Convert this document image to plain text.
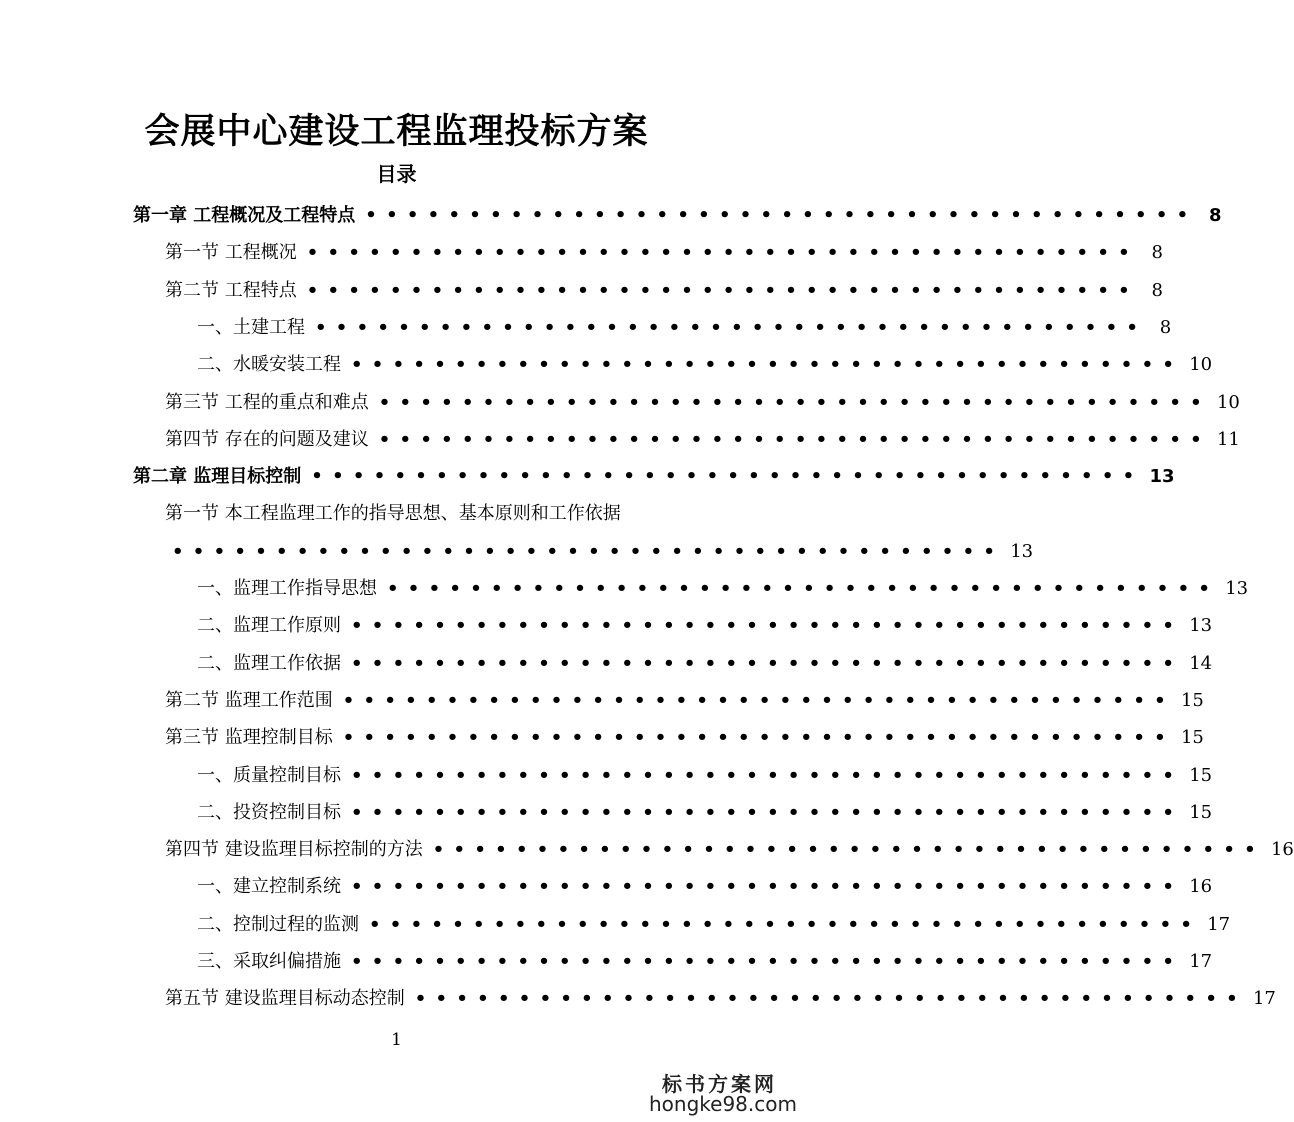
会展中心建设工程监理投标方案
目录
第一章 工程概况及工程特点 •••••••••••••••••••••••••••••••••••••••• 8
第一节 工程概况 •••••••••••••••••••••••••••••••••••••••• 8
第二节 工程特点 •••••••••••••••••••••••••••••••••••••••• 8
一、土建工程 •••••••••••••••••••••••••••••••••••••••• 8
二、水暖安装工程 •••••••••••••••••••••••••••••••••••••••• 10
第三节 工程的重点和难点 •••••••••••••••••••••••••••••••••••••••• 10
第四节 存在的问题及建议 •••••••••••••••••••••••••••••••••••••••• 11
第二章 监理目标控制 •••••••••••••••••••••••••••••••••••••••• 13
第一节 本工程监理工作的指导思想、基本原则和工作依据
•••••••••••••••••••••••••••••••••••••••• 13
一、监理工作指导思想 •••••••••••••••••••••••••••••••••••••••• 13
二、监理工作原则 •••••••••••••••••••••••••••••••••••••••• 13
二、监理工作依据 •••••••••••••••••••••••••••••••••••••••• 14
第二节 监理工作范围 •••••••••••••••••••••••••••••••••••••••• 15
第三节 监理控制目标 •••••••••••••••••••••••••••••••••••••••• 15
一、质量控制目标 •••••••••••••••••••••••••••••••••••••••• 15
二、投资控制目标 •••••••••••••••••••••••••••••••••••••••• 15
第四节 建设监理目标控制的方法 •••••••••••••••••••••••••••••••••••••••• 16
一、建立控制系统 •••••••••••••••••••••••••••••••••••••••• 16
二、控制过程的监测 •••••••••••••••••••••••••••••••••••••••• 17
三、采取纠偏措施 •••••••••••••••••••••••••••••••••••••••• 17
第五节 建设监理目标动态控制 •••••••••••••••••••••••••••••••••••••••• 17
1
标书方案网
hongke98.com
